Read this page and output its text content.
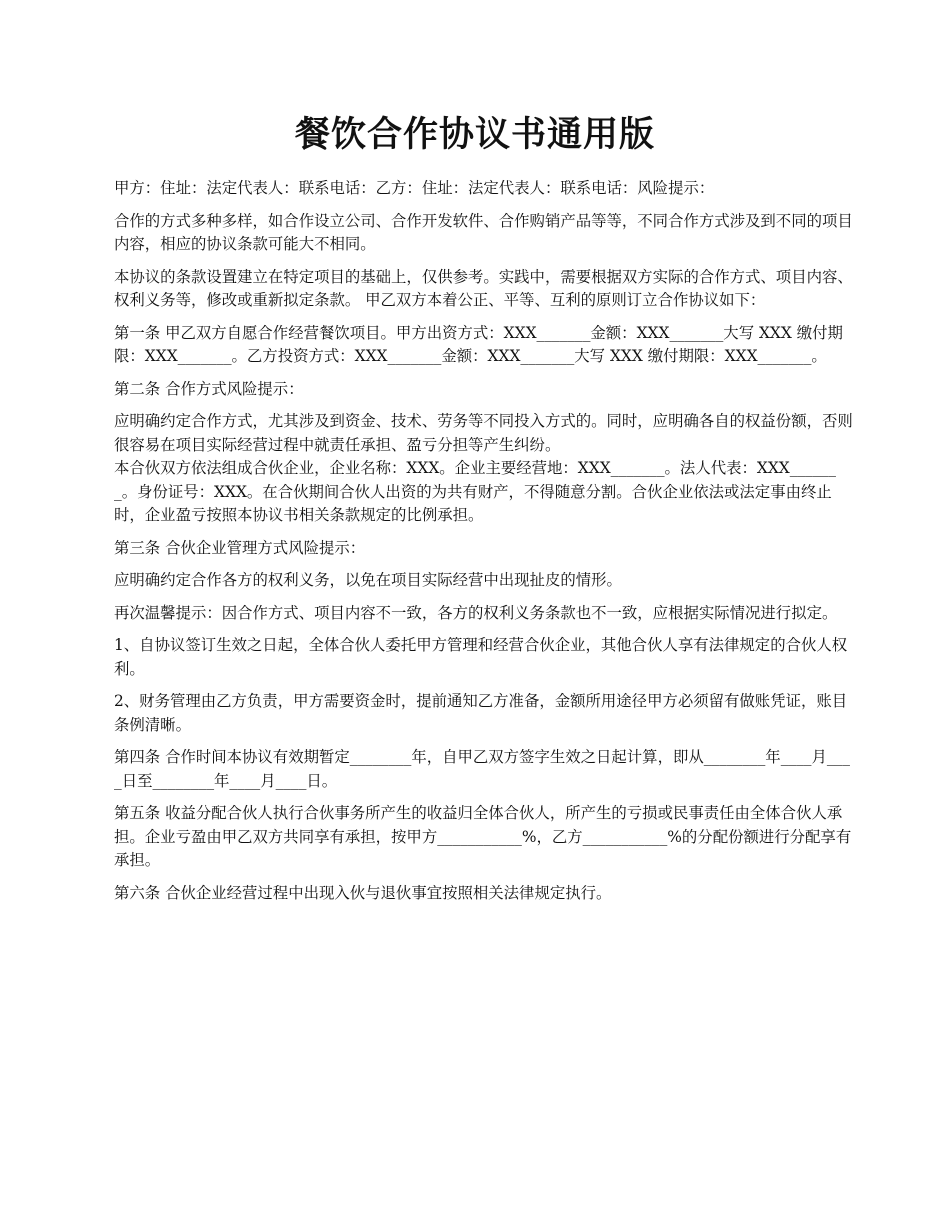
餐饮合作协议书通用版

甲方：住址：法定代表人：联系电话：乙方：住址：法定代表人：联系电话：风险提示：

合作的方式多种多样，如合作设立公司、合作开发软件、合作购销产品等等，不同合作方式涉及到不同的项目内容，相应的协议条款可能大不相同。

本协议的条款设置建立在特定项目的基础上，仅供参考。实践中，需要根据双方实际的合作方式、项目内容、权利义务等，修改或重新拟定条款。 甲乙双方本着公正、平等、互利的原则订立合作协议如下：

第一条 甲乙双方自愿合作经营餐饮项目。甲方出资方式：XXX_______金额：XXX_______大写 XXX 缴付期限：XXX_______。乙方投资方式：XXX_______金额：XXX_______大写 XXX 缴付期限：XXX_______。

第二条 合作方式风险提示：

应明确约定合作方式，尤其涉及到资金、技术、劳务等不同投入方式的。同时，应明确各自的权益份额，否则很容易在项目实际经营过程中就责任承担、盈亏分担等产生纠纷。

本合伙双方依法组成合伙企业，企业名称：XXX。企业主要经营地：XXX_______。法人代表：XXX_______。身份证号：XXX。在合伙期间合伙人出资的为共有财产，不得随意分割。合伙企业依法或法定事由终止时，企业盈亏按照本协议书相关条款规定的比例承担。

第三条 合伙企业管理方式风险提示：

应明确约定合作各方的权利义务，以免在项目实际经营中出现扯皮的情形。

再次温馨提示：因合作方式、项目内容不一致，各方的权利义务条款也不一致，应根据实际情况进行拟定。

1、自协议签订生效之日起，全体合伙人委托甲方管理和经营合伙企业，其他合伙人享有法律规定的合伙人权利。

2、财务管理由乙方负责，甲方需要资金时，提前通知乙方准备，金额所用途径甲方必须留有做账凭证，账目条例清晰。

第四条 合作时间本协议有效期暂定________年，自甲乙双方签字生效之日起计算，即从________年____月____日至________年____月____日。

第五条 收益分配合伙人执行合伙事务所产生的收益归全体合伙人，所产生的亏损或民事责任由全体合伙人承担。企业亏盈由甲乙双方共同享有承担，按甲方___________%，乙方___________%的分配份额进行分配享有承担。

第六条 合伙企业经营过程中出现入伙与退伙事宜按照相关法律规定执行。
